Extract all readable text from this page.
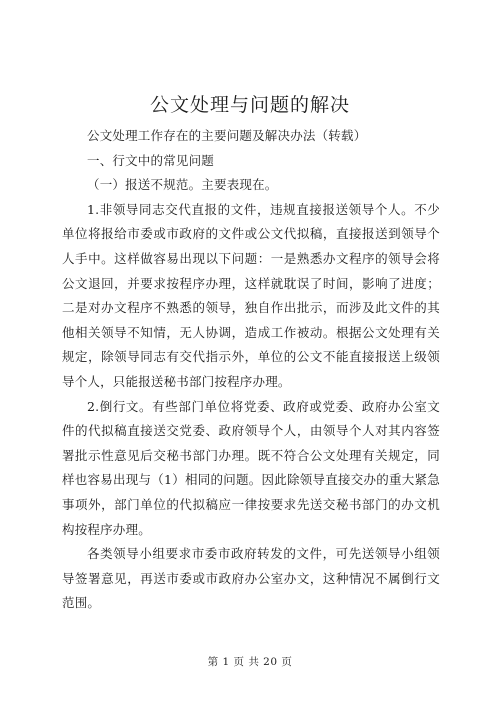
公文处理与问题的解决

公文处理工作存在的主要问题及解决办法（转载）

一、行文中的常见问题

（一）报送不规范。主要表现在。

1.非领导同志交代直报的文件，违规直接报送领导个人。不少单位将报给市委或市政府的文件或公文代拟稿，直接报送到领导个人手中。这样做容易出现以下问题：一是熟悉办文程序的领导会将公文退回，并要求按程序办理，这样就耽误了时间，影响了进度；二是对办文程序不熟悉的领导，独自作出批示，而涉及此文件的其他相关领导不知情，无人协调，造成工作被动。根据公文处理有关规定，除领导同志有交代指示外，单位的公文不能直接报送上级领导个人，只能报送秘书部门按程序办理。

2.倒行文。有些部门单位将党委、政府或党委、政府办公室文件的代拟稿直接送交党委、政府领导个人，由领导个人对其内容签署批示性意见后交秘书部门办理。既不符合公文处理有关规定，同样也容易出现与（1）相同的问题。因此除领导直接交办的重大紧急事项外，部门单位的代拟稿应一律按要求先送交秘书部门的办文机构按程序办理。

各类领导小组要求市委市政府转发的文件，可先送领导小组领导签署意见，再送市委或市政府办公室办文，这种情况不属倒行文范围。

第 1 页 共 20 页
